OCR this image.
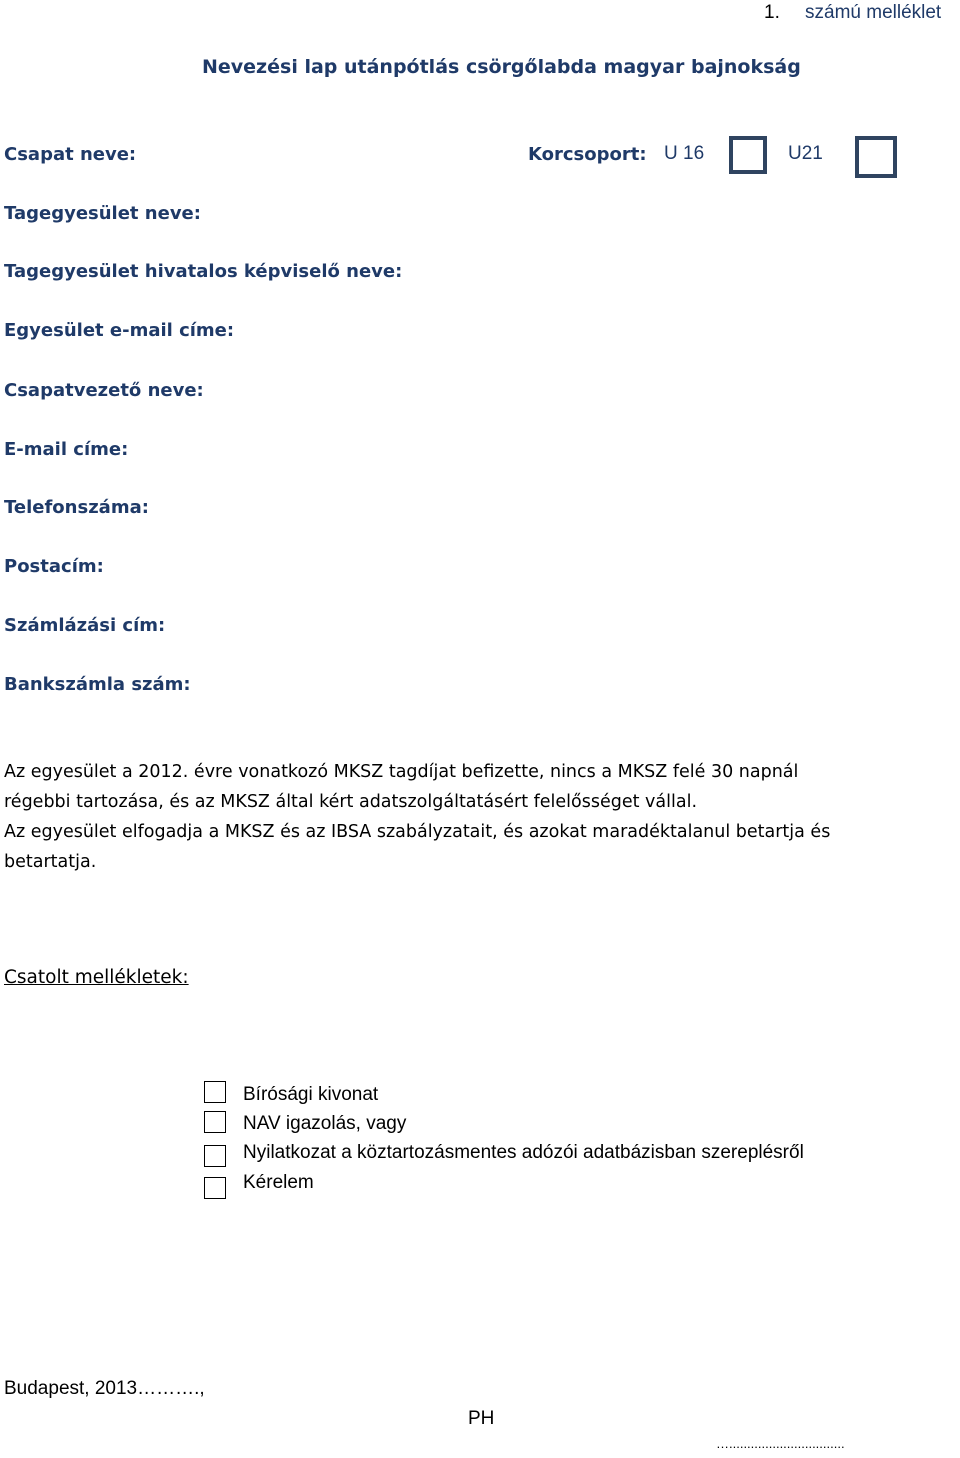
1. számú melléklet
Nevezési lap utánpótlás csörgőlabda magyar bajnokság
Csapat neve:	Korcsoport: U 16	U21
Tagegyesület neve:
Tagegyesület hivatalos képviselő neve:
Egyesület e-mail címe:
Csapatvezető neve:
E-mail címe:
Telefonszáma:
Postacím:
Számlázási cím:
Bankszámla szám:
Az egyesület a 2012. évre vonatkozó MKSZ tagdíjat befizette, nincs a MKSZ felé 30 napnál
régebbi tartozása, és az MKSZ által kért adatszolgáltatásért felelősséget vállal.
Az egyesület elfogadja a MKSZ és az IBSA szabályzatait, és azokat maradéktalanul betartja és
betartatja.
Csatolt mellékletek:
Bírósági kivonat
NAV igazolás, vagy
Nyilatkozat a köztartozásmentes adózói adatbázisban szereplésről
Kérelem
Budapest, 2013……….,
PH
…................................
